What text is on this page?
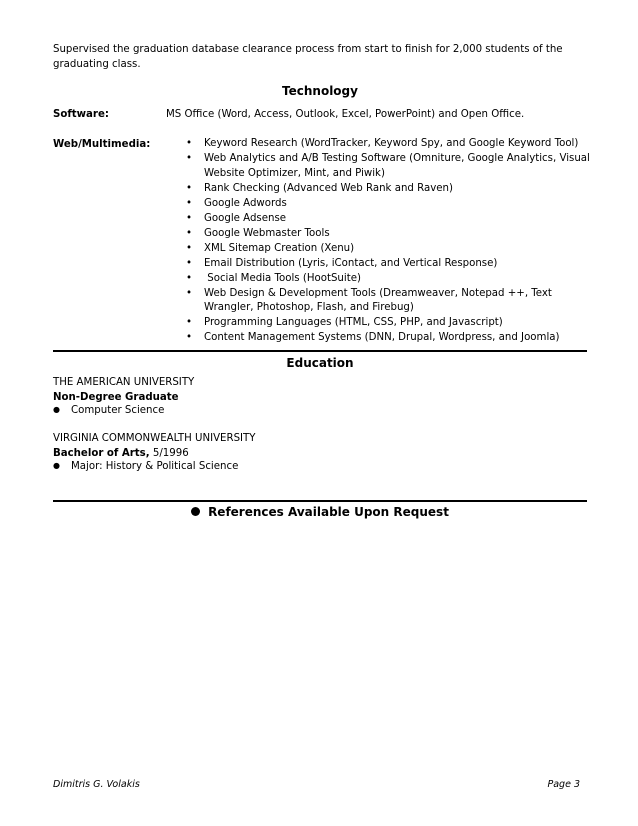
Supervised the graduation database clearance process from start to finish for 2,000 students of the graduating class.
Technology
Software:	MS Office (Word, Access, Outlook, Excel, PowerPoint) and Open Office.
Web/Multimedia:	• Keyword Research (WordTracker, Keyword Spy, and Google Keyword Tool)
• Web Analytics and A/B Testing Software (Omniture, Google Analytics, Visual Website Optimizer, Mint, and Piwik)
• Rank Checking (Advanced Web Rank and Raven)
• Google Adwords
• Google Adsense
• Google Webmaster Tools
• XML Sitemap Creation (Xenu)
• Email Distribution (Lyris, iContact, and Vertical Response)
• Social Media Tools (HootSuite)
• Web Design & Development Tools (Dreamweaver, Notepad ++, Text Wrangler, Photoshop, Flash, and Firebug)
• Programming Languages (HTML, CSS, PHP, and Javascript)
• Content Management Systems (DNN, Drupal, Wordpress, and Joomla)
Education
THE AMERICAN UNIVERSITY
Non-Degree Graduate
● Computer Science
VIRGINIA COMMONWEALTH UNIVERSITY
Bachelor of Arts, 5/1996
● Major: History & Political Science
References Available Upon Request
Dimitris G. Volakis	Page 3
